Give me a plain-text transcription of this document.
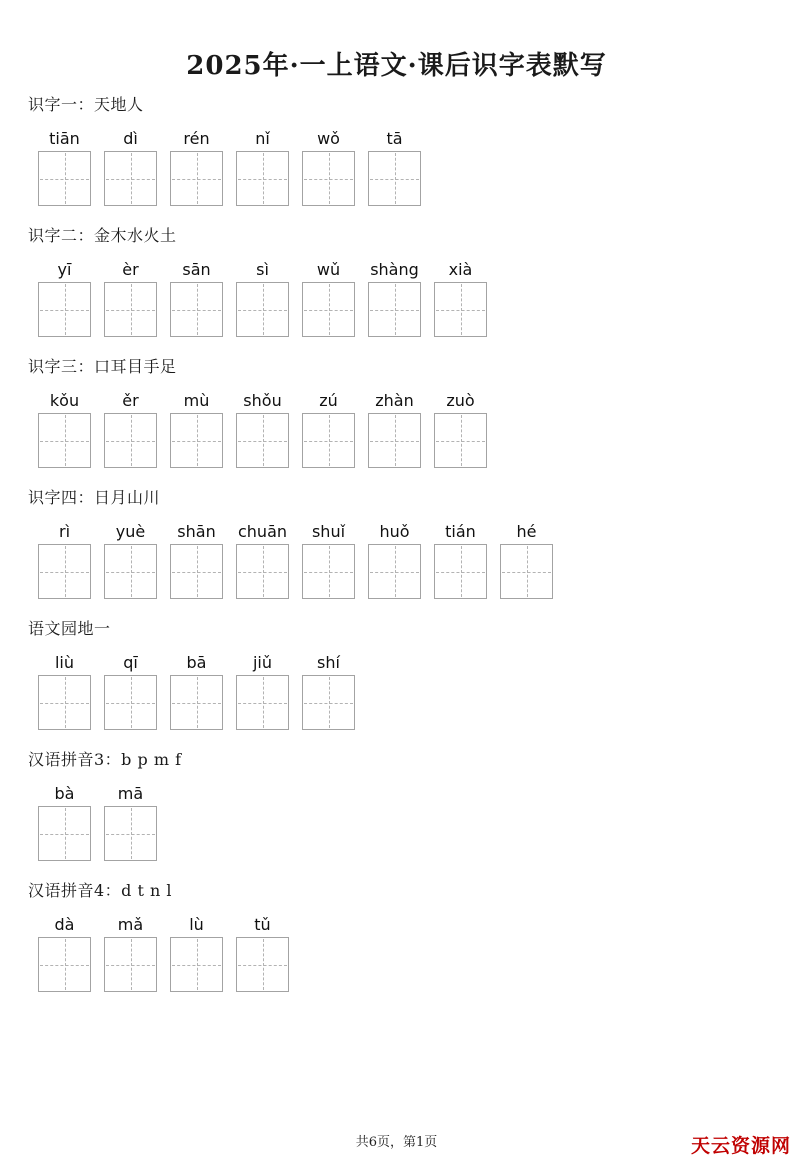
2025年·一上语文·课后识字表默写
识字一：天地人
tiān	dì	rén	nǐ	wǒ	tā
识字二：金木水火土
yī	èr	sān	sì	wǔ shàng xià
识字三：口耳目手足
kǒu	ěr	mù shǒu zú zhàn zuò
识字四：日月山川
rì	yuè shān chuān shuǐ huǒ tián	hé
语文园地一
liù	qī	bā	jiǔ	shí
汉语拼音3：b p m f
bà	mā
汉语拼音4：d t n l
dà	mǎ	lù	tǔ
共6页，第1页	天云资源网
